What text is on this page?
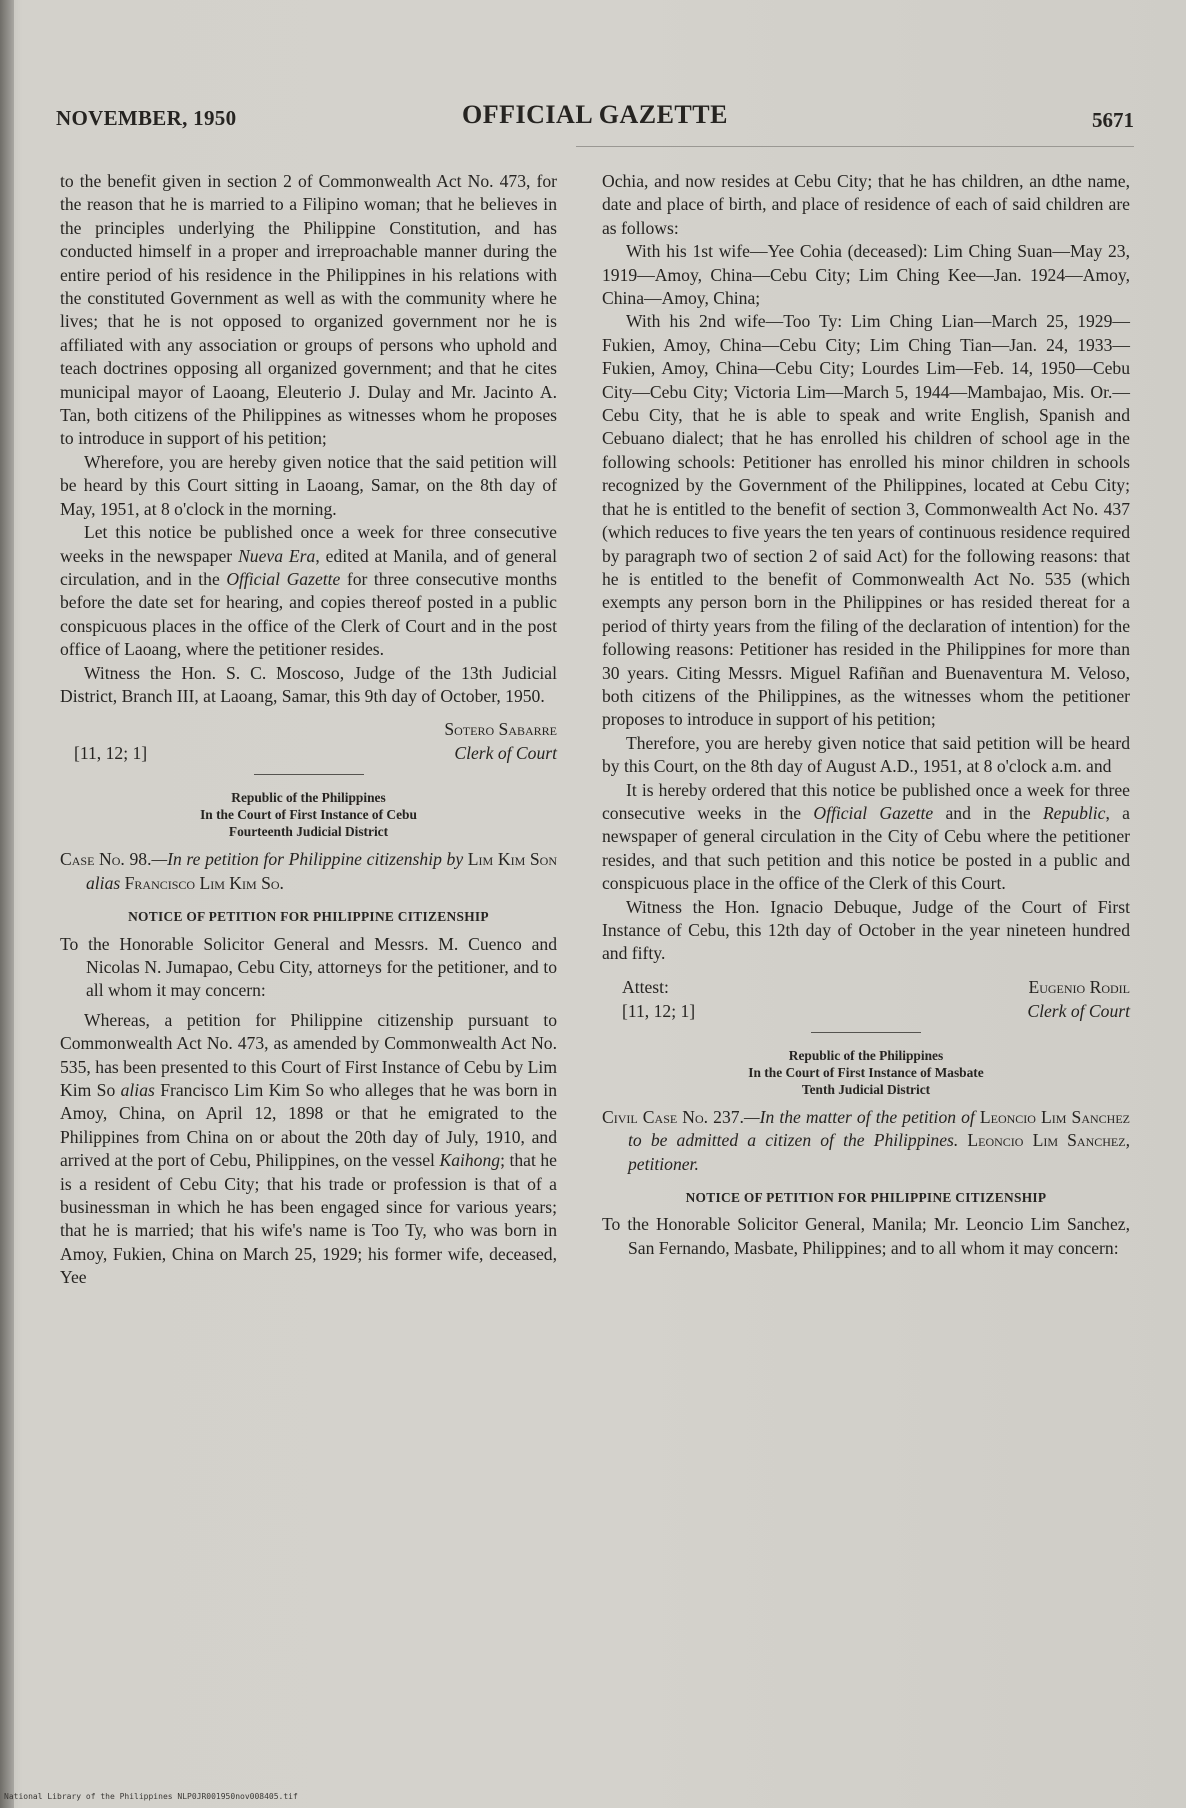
NOVEMBER, 1950	OFFICIAL GAZETTE	5671

to the benefit given in section 2 of Commonwealth Act No. 473, for the reason that he is married to a Filipino woman; that he believes in the principles underlying the Philippine Constitution, and has conducted himself in a proper and irreproachable manner during the entire period of his residence in the Philippines in his relations with the constituted Government as well as with the community where he lives; that he is not opposed to organized government nor he is affiliated with any association or groups of persons who uphold and teach doctrines opposing all organized government; and that he cites municipal mayor of Laoang, Eleuterio J. Dulay and Mr. Jacinto A. Tan, both citizens of the Philippines as witnesses whom he proposes to introduce in support of his petition;

Wherefore, you are hereby given notice that the said petition will be heard by this Court sitting in Laoang, Samar, on the 8th day of May, 1951, at 8 o'clock in the morning.

Let this notice be published once a week for three consecutive weeks in the newspaper Nueva Era, edited at Manila, and of general circulation, and in the Official Gazette for three consecutive months before the date set for hearing, and copies thereof posted in a public conspicuous places in the office of the Clerk of Court and in the post office of Laoang, where the petitioner resides.

Witness the Hon. S. C. Moscoso, Judge of the 13th Judicial District, Branch III, at Laoang, Samar, this 9th day of October, 1950.

Sotero Sabarre
[11, 12; 1]	Clerk of Court
Republic of the Philippines
In the Court of First Instance of Cebu
Fourteenth Judicial District

Case No. 98.—In re petition for Philippine citizenship by Lim Kim Son alias Francisco Lim Kim So.

NOTICE OF PETITION FOR PHILIPPINE CITIZENSHIP

To the Honorable Solicitor General and Messrs. M. Cuenco and Nicolas N. Jumapao, Cebu City, attorneys for the petitioner, and to all whom it may concern:

Whereas, a petition for Philippine citizenship pursuant to Commonwealth Act No. 473, as amended by Commonwealth Act No. 535, has been presented to this Court of First Instance of Cebu by Lim Kim So alias Francisco Lim Kim So who alleges that he was born in Amoy, China, on April 12, 1898 or that he emigrated to the Philippines from China on or about the 20th day of July, 1910, and arrived at the port of Cebu, Philippines, on the vessel Kaihong; that he is a resident of Cebu City; that his trade or profession is that of a businessman in which he has been engaged since for various years; that he is married; that his wife's name is Too Ty, who was born in Amoy, Fukien, China on March 25, 1929; his former wife, deceased, Yee

Ochia, and now resides at Cebu City; that he has children, an dthe name, date and place of birth, and place of residence of each of said children are as follows:

With his 1st wife—Yee Cohia (deceased): Lim Ching Suan—May 23, 1919—Amoy, China—Cebu City; Lim Ching Kee—Jan. 1924—Amoy, China—Amoy, China;

With his 2nd wife—Too Ty: Lim Ching Lian—March 25, 1929—Fukien, Amoy, China—Cebu City; Lim Ching Tian—Jan. 24, 1933—Fukien, Amoy, China—Cebu City; Lourdes Lim—Feb. 14, 1950—Cebu City—Cebu City; Victoria Lim—March 5, 1944—Mambajao, Mis. Or.—Cebu City, that he is able to speak and write English, Spanish and Cebuano dialect; that he has enrolled his children of school age in the following schools: Petitioner has enrolled his minor children in schools recognized by the Government of the Philippines, located at Cebu City; that he is entitled to the benefit of section 3, Commonwealth Act No. 437 (which reduces to five years the ten years of continuous residence required by paragraph two of section 2 of said Act) for the following reasons: that he is entitled to the benefit of Commonwealth Act No. 535 (which exempts any person born in the Philippines or has resided thereat for a period of thirty years from the filing of the declaration of intention) for the following reasons: Petitioner has resided in the Philippines for more than 30 years. Citing Messrs. Miguel Rafiñan and Buenaventura M. Veloso, both citizens of the Philippines, as the witnesses whom the petitioner proposes to introduce in support of his petition;

Therefore, you are hereby given notice that said petition will be heard by this Court, on the 8th day of August A.D., 1951, at 8 o'clock a.m. and

It is hereby ordered that this notice be published once a week for three consecutive weeks in the Official Gazette and in the Republic, a newspaper of general circulation in the City of Cebu where the petitioner resides, and that such petition and this notice be posted in a public and conspicuous place in the office of the Clerk of this Court.

Witness the Hon. Ignacio Debuque, Judge of the Court of First Instance of Cebu, this 12th day of October in the year nineteen hundred and fifty.

Attest:	Eugenio Rodil
[11, 12; 1]	Clerk of Court
Republic of the Philippines
In the Court of First Instance of Masbate
Tenth Judicial District

Civil Case No. 237.—In the matter of the petition of Leoncio Lim Sanchez to be admitted a citizen of the Philippines. Leoncio Lim Sanchez, petitioner.

NOTICE OF PETITION FOR PHILIPPINE CITIZENSHIP

To the Honorable Solicitor General, Manila; Mr. Leoncio Lim Sanchez, San Fernando, Masbate, Philippines; and to all whom it may concern:

National Library of the Philippines NLP0JR001950nov008405.tif
